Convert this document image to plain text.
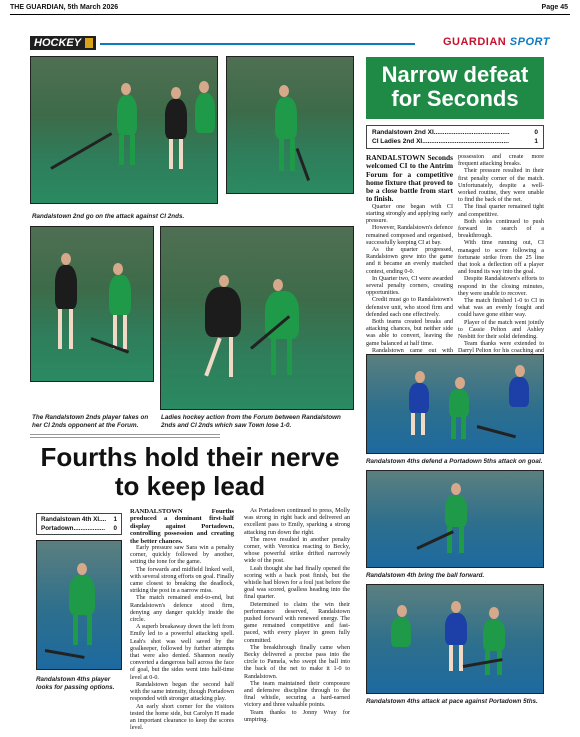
THE GUARDIAN, 5th March 2026	Page 45
HOCKEY	GUARDIAN SPORT
Randalstown 2nd go on the attack against CI 2nds.
Narrow defeat for Seconds
Randalstown 2nd XI..........................................	0
CI Ladies 2nd XI................................................	1

RANDALSTOWN Seconds welcomed CI to the Antrim Forum for a competitive home fixture that proved to be a close battle from start to finish.

Quarter one began with CI starting strongly and applying early pressure.

However, Randalstown's defence remained composed and organised, successfully keeping CI at bay.

As the quarter progressed, Randalstown grew into the game and it became an evenly matched contest, ending 0-0.

In Quarter two, CI were awarded several penalty corners, creating opportunities.

Credit must go to Randalstown's defensive unit, who stood firm and defended each one effectively.

Both teams created breaks and attacking chances, but neither side was able to convert, leaving the game balanced at half time.

Randalstown came out with

possession and create more frequent attacking breaks.

Their pressure resulted in their first penalty corner of the match. Unfortunately, despite a well-worked routine, they were unable to find the back of the net.

The final quarter remained tight and competitive.

Both sides continued to push forward in search of a breakthrough.

With time running out, CI managed to score following a fortunate strike from the 25 line that took a deflection off a player and found its way into the goal.

Despite Randalstown's efforts to respond in the closing minutes, they were unable to recover.

The match finished 1-0 to CI in what was an evenly fought and could have gone either way.

Player of the match went jointly to Cassie Pelton and Ashley Nesbitt for their solid defending.

Team thanks were extended to Darryl Pelton for his coaching and

The Randalstown 2nds player takes on her CI 2nds opponent at the Forum.
Ladies hockey action from the Forum between Randalstown 2nds and CI 2nds which saw Town lose 1-0.
Randalstown 4ths defend a Portadown 5ths attack on goal.
Randalstown 4th bring the ball forward.
Randalstown 4ths attack at pace against Portadown 5ths.
Fourths hold their nerve to keep lead
Randalstown 4th XI.... 1
Portadown.................. 0
Randalstown 4ths player looks for passing options.

RANDALSTOWN Fourths produced a dominant first-half display against Portadown, controlling possession and creating the better chances.

Early pressure saw Sara win a penalty corner, quickly followed by another, setting the tone for the game.

The forwards and midfield linked well, with several strong efforts on goal. Finally came closest to breaking the deadlock, striking the post in a narrow miss.

The match remained end-to-end, but Randalstown's defence stood firm, denying any danger quickly inside the circle.

A superb breakaway down the left from Emily led to a powerful attacking spell. Leah's shot was well saved by the goalkeeper, followed by further attempts that were also denied. Shannon neatly converted a dangerous ball across the face of goal, but the sides went into half-time level at 0-0.

Randalstown began the second half with the same intensity, though Portadown responded with stronger attacking play.

An early short corner for the visitors tested the home side, but Carolyn H made an important clearance to keep the scores level.

As Portadown continued to press, Molly was strong in right back and delivered an excellent pass to Emily, sparking a strong attacking run down the right.

The move resulted in another penalty corner, with Veronica reacting to Becky, whose powerful strike drifted narrowly wide of the post.

Leah thought she had finally opened the scoring with a back post finish, but the whistle had blown for a foul just before the goal was scored, goalless heading into the final quarter.

Determined to claim the win their performance deserved, Randalstown pushed forward with renewed energy. The game remained competitive and fast-paced, with every player in green fully committed.

The breakthrough finally came when Becky delivered a precise pass into the circle to Pamela, who swept the ball into the back of the net to make it 1-0 to Randalstown.

The team maintained their composure and defensive discipline through to the final whistle, securing a hard-earned victory and three valuable points.

Team thanks to Jonny Wray for umpiring.
